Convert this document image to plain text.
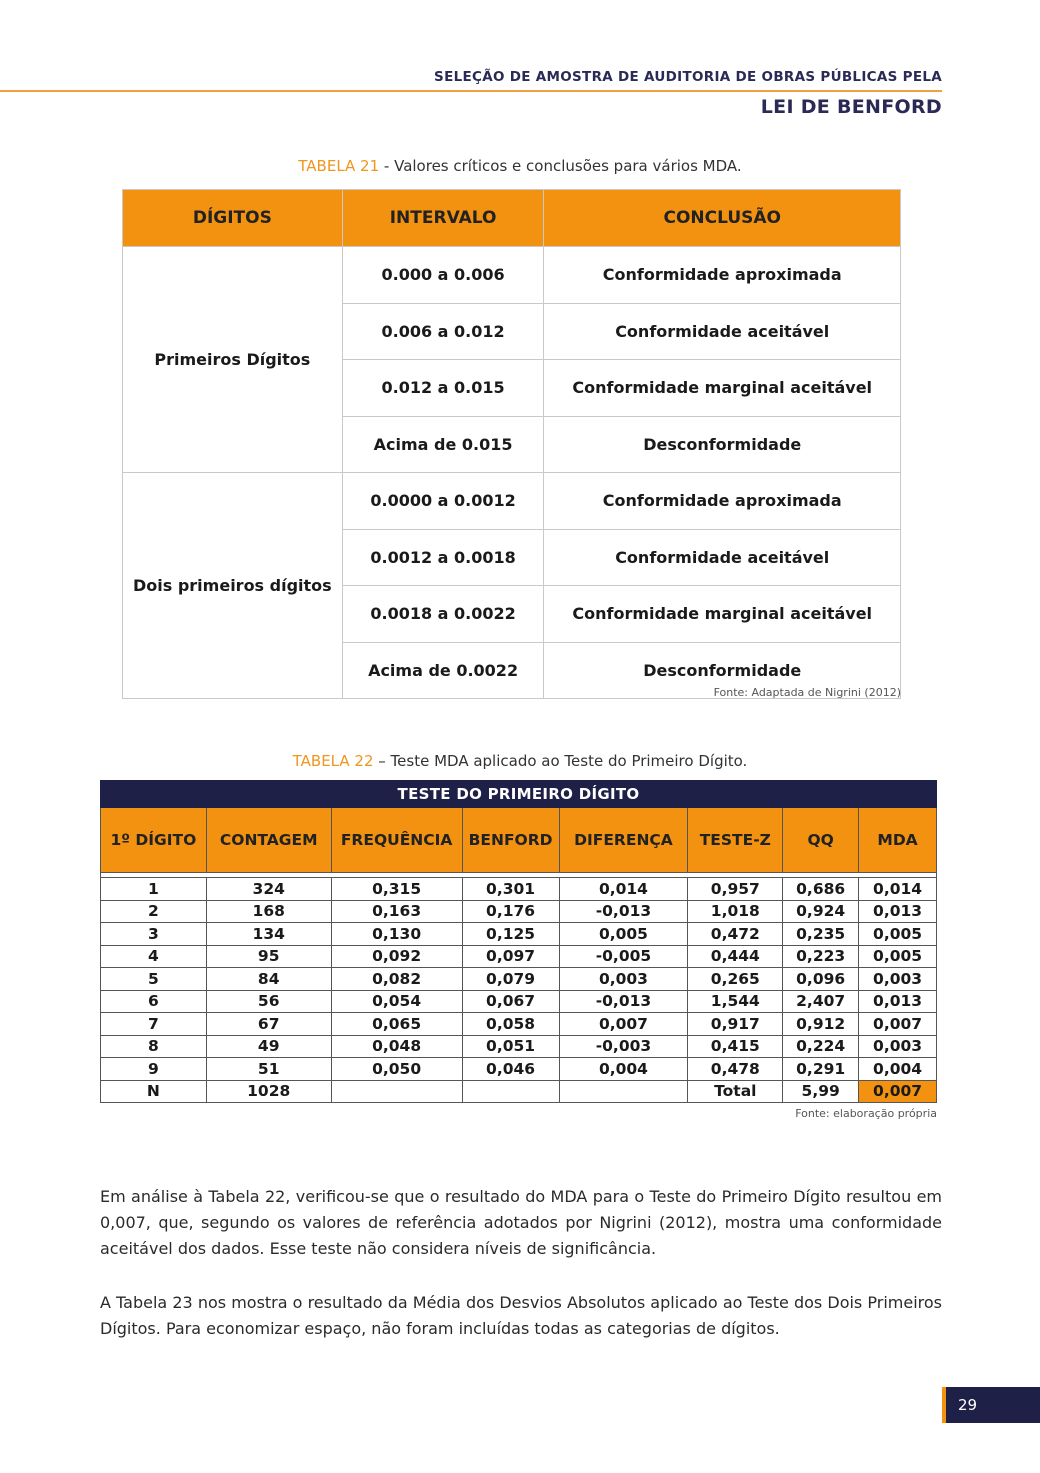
SELEÇÃO DE AMOSTRA DE AUDITORIA DE OBRAS PÚBLICAS PELA
LEI DE BENFORD
TABELA 21 - Valores críticos e conclusões para vários MDA.
DÍGITOS	INTERVALO	CONCLUSÃO
Primeiros Dígitos	0.000 a 0.006	Conformidade aproximada
	0.006 a 0.012	Conformidade aceitável
	0.012 a 0.015	Conformidade marginal aceitável
	Acima de 0.015	Desconformidade
Dois primeiros dígitos	0.0000 a 0.0012	Conformidade aproximada
	0.0012 a 0.0018	Conformidade aceitável
	0.0018 a 0.0022	Conformidade marginal aceitável
	Acima de 0.0022	Desconformidade
Fonte: Adaptada de Nigrini (2012)
TABELA 22 – Teste MDA aplicado ao Teste do Primeiro Dígito.
TESTE DO PRIMEIRO DÍGITO							
1º DÍGITO	CONTAGEM	FREQUÊNCIA	BENFORD	DIFERENÇA	TESTE-Z	QQ	MDA

1	324	0,315	0,301	0,014	0,957	0,686	0,014
2	168	0,163	0,176	-0,013	1,018	0,924	0,013
3	134	0,130	0,125	0,005	0,472	0,235	0,005
4	95	0,092	0,097	-0,005	0,444	0,223	0,005
5	84	0,082	0,079	0,003	0,265	0,096	0,003
6	56	0,054	0,067	-0,013	1,544	2,407	0,013
7	67	0,065	0,058	0,007	0,917	0,912	0,007
8	49	0,048	0,051	-0,003	0,415	0,224	0,003
9	51	0,050	0,046	0,004	0,478	0,291	0,004
N	1028				Total	5,99	0,007
Fonte: elaboração própria
Em análise à Tabela 22, verificou-se que o resultado do MDA para o Teste do Primeiro Dígito resultou em 0,007, que, segundo os valores de referência adotados por Nigrini (2012), mostra uma conformidade aceitável dos dados. Esse teste não considera níveis de significância.
A Tabela 23 nos mostra o resultado da Média dos Desvios Absolutos aplicado ao Teste dos Dois Primeiros Dígitos. Para economizar espaço, não foram incluídas todas as categorias de dígitos.
29
